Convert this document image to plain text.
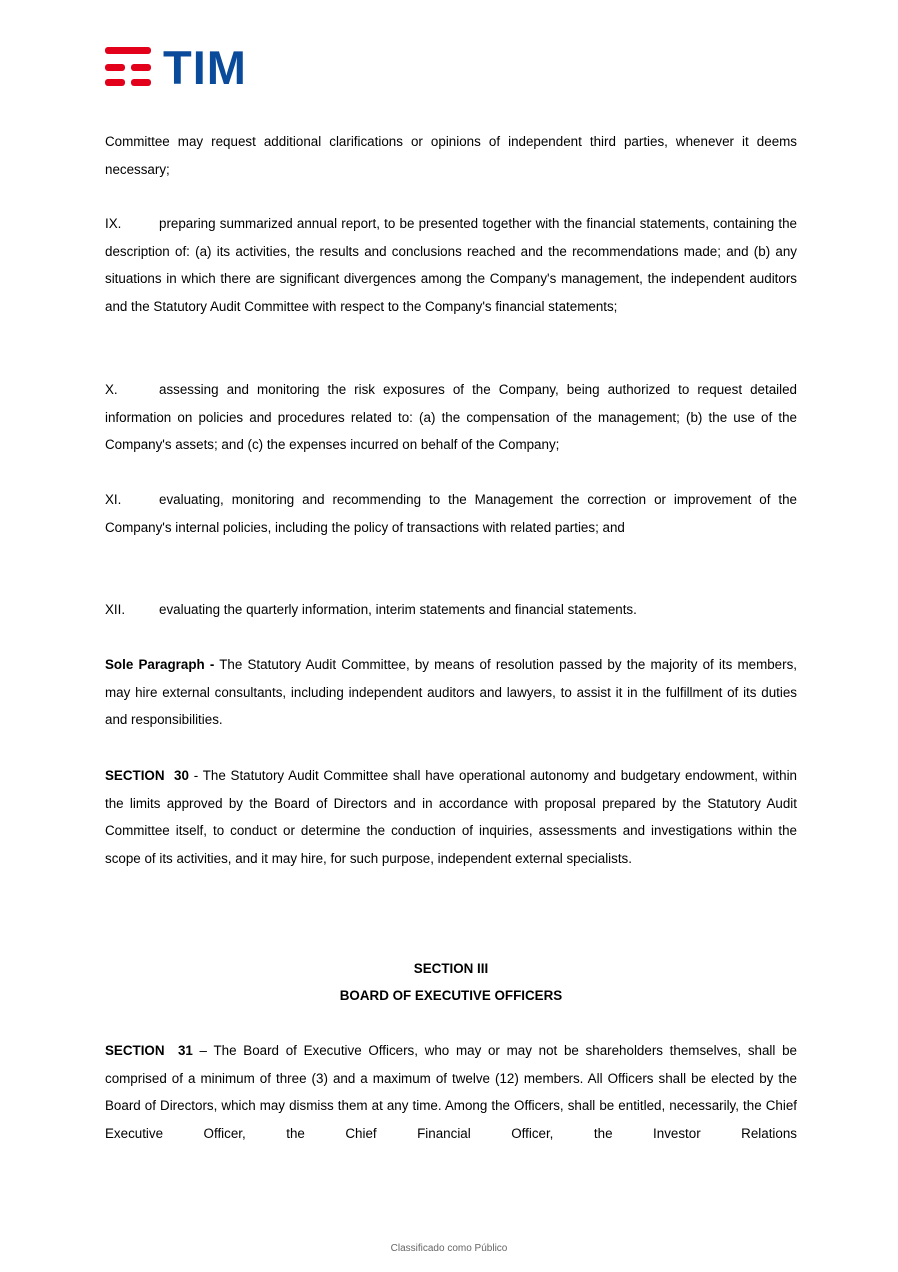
TIM
Committee may request additional clarifications or opinions of independent third parties, whenever it deems necessary;
IX.	preparing summarized annual report, to be presented together with the financial statements, containing the description of: (a) its activities, the results and conclusions reached and the recommendations made; and (b) any situations in which there are significant divergences among the Company's management, the independent auditors and the Statutory Audit Committee with respect to the Company's financial statements;
X.	assessing and monitoring the risk exposures of the Company, being authorized to request detailed information on policies and procedures related to: (a) the compensation of the management; (b) the use of the Company's assets; and (c) the expenses incurred on behalf of the Company;
XI.	evaluating, monitoring and recommending to the Management the correction or improvement of the Company's internal policies, including the policy of transactions with related parties; and
XII.	evaluating the quarterly information, interim statements and financial statements.
Sole Paragraph - The Statutory Audit Committee, by means of resolution passed by the majority of its members, may hire external consultants, including independent auditors and lawyers, to assist it in the fulfillment of its duties and responsibilities.
SECTION  30 - The Statutory Audit Committee shall have operational autonomy and budgetary endowment, within the limits approved by the Board of Directors and in accordance with proposal prepared by the Statutory Audit Committee itself, to conduct or determine the conduction of inquiries, assessments and investigations within the scope of its activities, and it may hire, for such purpose, independent external specialists.
SECTION III
BOARD OF EXECUTIVE OFFICERS
SECTION  31 – The Board of Executive Officers, who may or may not be shareholders themselves, shall be comprised of a minimum of three (3) and a maximum of twelve (12) members. All Officers shall be elected by the Board of Directors, which may dismiss them at any time. Among the Officers, shall be entitled, necessarily, the Chief Executive Officer, the Chief Financial Officer, the Investor Relations
Classificado como Público
